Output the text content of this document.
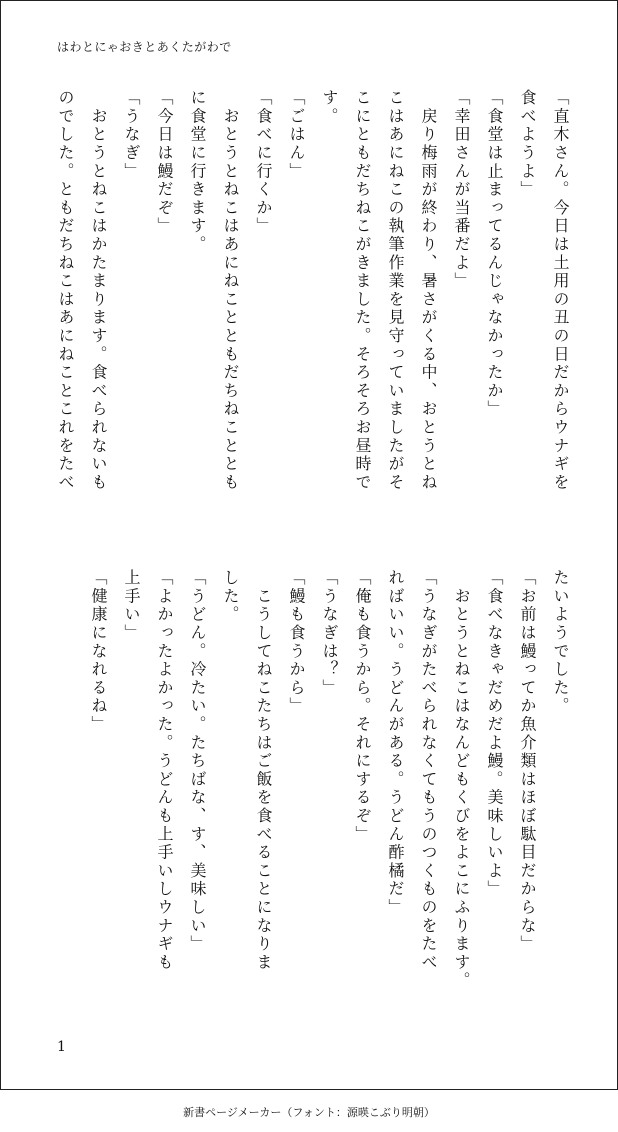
はわとにゃおきとあくたがわで
「直木さん。今日は土用の丑の日だからウナギを
食べようよ」
「食堂は止まってるんじゃなかったか」
「幸田さんが当番だよ」
　戻り梅雨が終わり、暑さがくる中、おとうとね
こはあにねこの執筆作業を見守っていましたがそ
こにともだちねこがきました。そろそろお昼時で
す。
「ごはん」
「食べに行くか」
　おとうとねこはあにねことともだちねこととも
に食堂に行きます。
「今日は鰻だぞ」
「うなぎ」
　おとうとねこはかたまります。食べられないも
のでした。ともだちねこはあにねことこれをたべ
たいようでした。
「お前は鰻ってか魚介類はほぼ駄目だからな」
「食べなきゃだめだよ鰻。美味しいよ」
　おとうとねこはなんどもくびをよこにふります。
「うなぎがたべられなくてもうのつくものをたべ
ればいい。うどんがある。うどん酢橘だ」
「俺も食うから。それにするぞ」
「うなぎは？」
「鰻も食うから」
　こうしてねこたちはご飯を食べることになりま
した。
「うどん。冷たい。たちばな、す、美味しい」
「よかったよかった。うどんも上手いしウナギも
上手い」
「健康になれるね」
1
新書ページメーカー（フォント：源暎こぶり明朝）
